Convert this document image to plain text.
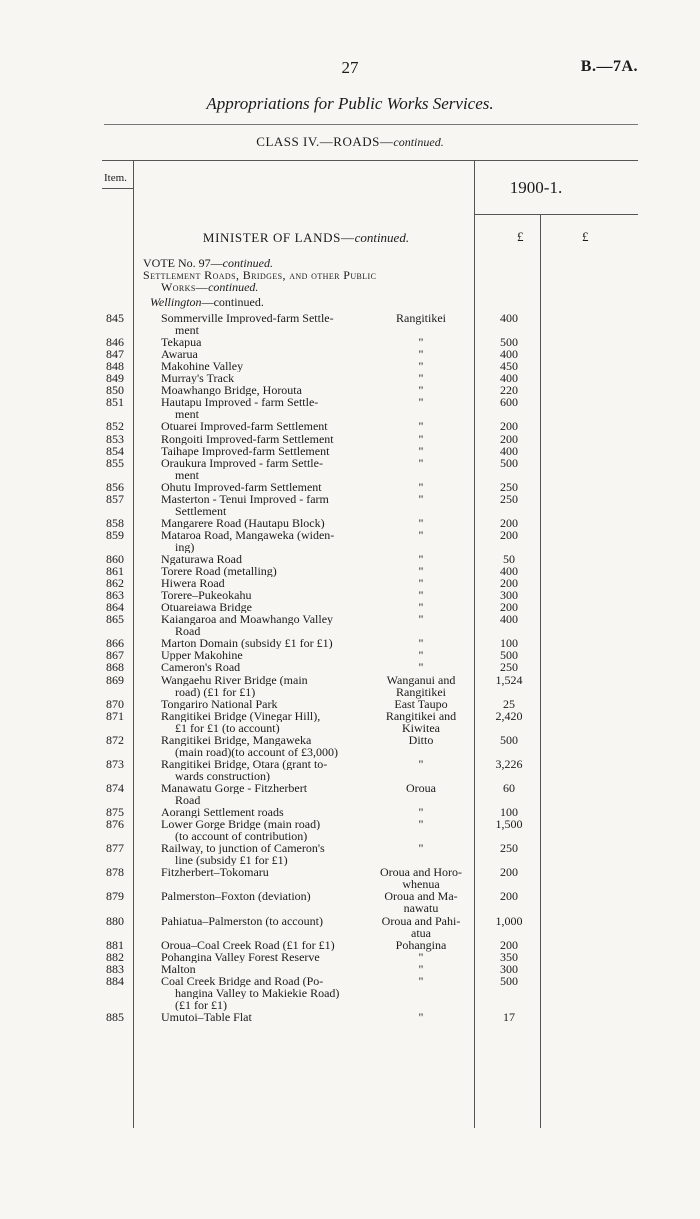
27	B.—7A.
Appropriations for Public Works Services.
CLASS IV.—ROADS—continued.
Item.	1900-1.
£	£
MINISTER OF LANDS—continued.
VOTE No. 97—continued.
Settlement Roads, Bridges, and other Public
Works—continued.
Wellington—continued.
845	Sommerville Improved-farm Settle-	Rangitikei	400
ment
846	Tekapua	"	500
847	Awarua	"	400
848	Makohine Valley	"	450
849	Murray's Track	"	400
850	Moawhango Bridge, Horouta	"	220
851	Hautapu Improved - farm Settle-	"	600
ment
852	Otuarei Improved-farm Settlement	"	200
853	Rongoiti Improved-farm Settlement	"	200
854	Taihape Improved-farm Settlement	"	400
855	Oraukura Improved - farm Settle-	"	500
ment
856	Ohutu Improved-farm Settlement	"	250
857	Masterton - Tenui Improved - farm	"	250
Settlement
858	Mangarere Road (Hautapu Block)	"	200
859	Mataroa Road, Mangaweka (widen-	"	200
ing)
860	Ngaturawa Road	"	50
861	Torere Road (metalling)	"	400
862	Hiwera Road	"	200
863	Torere–Pukeokahu	"	300
864	Otuareiawa Bridge	"	200
865	Kaiangaroa and Moawhango Valley	"	400
Road
866	Marton Domain (subsidy £1 for £1)	"	100
867	Upper Makohine	"	500
868	Cameron's Road	"	250
869	Wangaehu River Bridge (main	Wanganui and	1,524
road) (£1 for £1)	Rangitikei
870	Tongariro National Park	East Taupo	25
871	Rangitikei Bridge (Vinegar Hill),	Rangitikei and	2,420
£1 for £1 (to account)	Kiwitea
872	Rangitikei Bridge, Mangaweka	Ditto	500
(main road)(to account of £3,000)
873	Rangitikei Bridge, Otara (grant to-	"	3,226
wards construction)
874	Manawatu Gorge - Fitzherbert	Oroua	60
Road
875	Aorangi Settlement roads	"	100
876	Lower Gorge Bridge (main road)	"	1,500
(to account of contribution)
877	Railway, to junction of Cameron's	"	250
line (subsidy £1 for £1)
878	Fitzherbert–Tokomaru	Oroua and Horo-	200
whenua
879	Palmerston–Foxton (deviation)	Oroua and Ma-	200
nawatu
880	Pahiatua–Palmerston (to account)	Oroua and Pahi-	1,000
atua
881	Oroua–Coal Creek Road (£1 for £1)	Pohangina	200
882	Pohangina Valley Forest Reserve	"	350
883	Malton	"	300
884	Coal Creek Bridge and Road (Po-	"	500
hangina Valley to Makiekie Road)
(£1 for £1)
885	Umutoi–Table Flat	"	17
